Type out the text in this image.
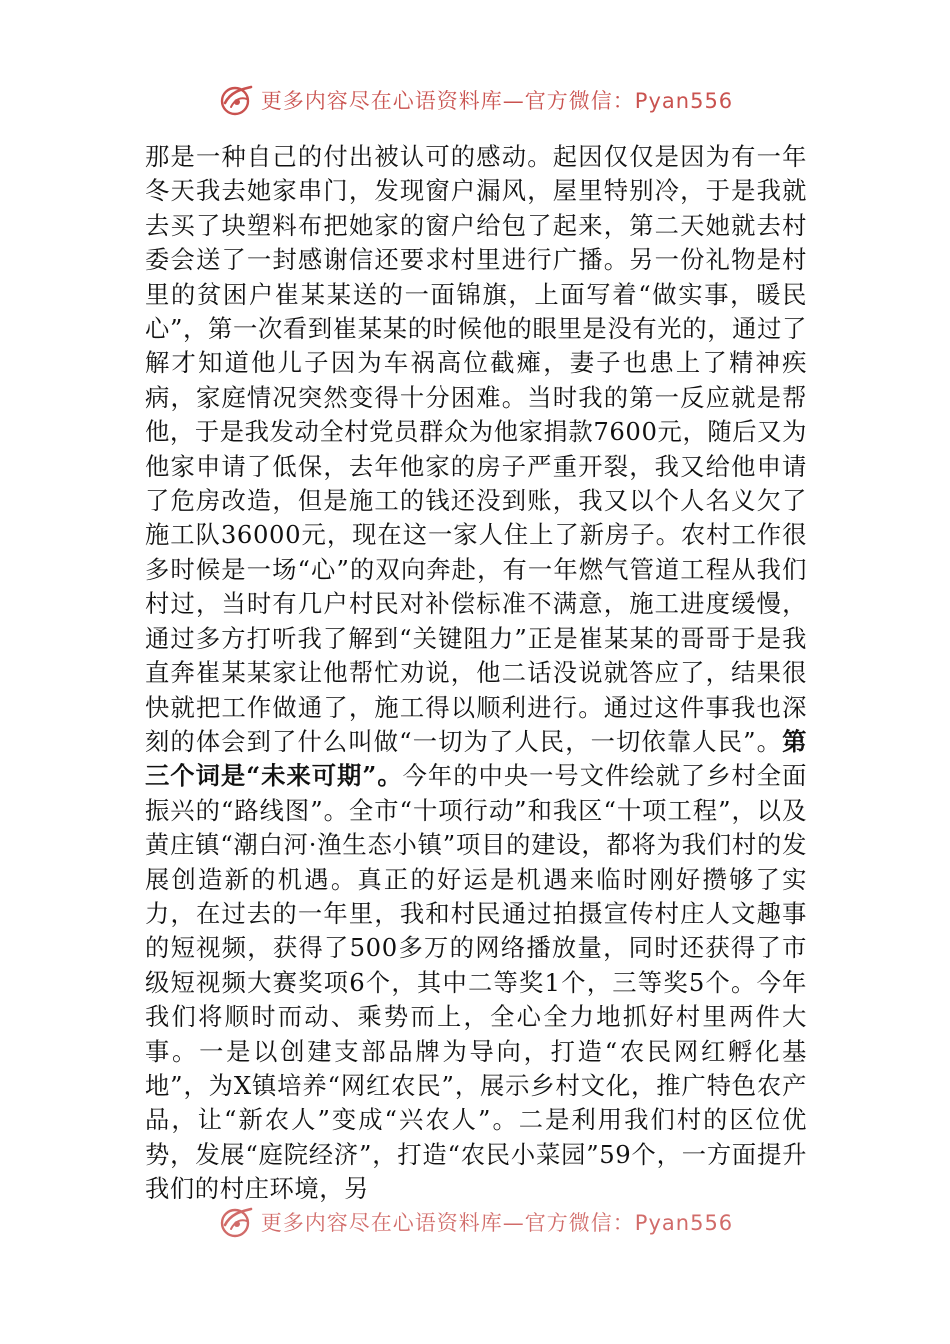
更多内容尽在心语资料库—官方微信：Pyan556

那是一种自己的付出被认可的感动。起因仅仅是因为有一年冬天我去她家串门，发现窗户漏风，屋里特别冷，于是我就去买了块塑料布把她家的窗户给包了起来，第二天她就去村委会送了一封感谢信还要求村里进行广播。另一份礼物是村里的贫困户崔某某送的一面锦旗，上面写着“做实事，暖民心”，第一次看到崔某某的时候他的眼里是没有光的，通过了解才知道他儿子因为车祸高位截瘫，妻子也患上了精神疾病，家庭情况突然变得十分困难。当时我的第一反应就是帮他，于是我发动全村党员群众为他家捐款7600元，随后又为他家申请了低保，去年他家的房子严重开裂，我又给他申请了危房改造，但是施工的钱还没到账，我又以个人名义欠了施工队36000元，现在这一家人住上了新房子。农村工作很多时候是一场“心”的双向奔赴，有一年燃气管道工程从我们村过，当时有几户村民对补偿标准不满意，施工进度缓慢，通过多方打听我了解到“关键阻力”正是崔某某的哥哥于是我直奔崔某某家让他帮忙劝说，他二话没说就答应了，结果很快就把工作做通了，施工得以顺利进行。通过这件事我也深刻的体会到了什么叫做“一切为了人民，一切依靠人民”。第三个词是“未来可期”。今年的中央一号文件绘就了乡村全面振兴的“路线图”。全市“十项行动”和我区“十项工程”，以及黄庄镇“潮白河·渔生态小镇”项目的建设，都将为我们村的发展创造新的机遇。真正的好运是机遇来临时刚好攒够了实力，在过去的一年里，我和村民通过拍摄宣传村庄人文趣事的短视频，获得了500多万的网络播放量，同时还获得了市级短视频大赛奖项6个，其中二等奖1个，三等奖5个。今年我们将顺时而动、乘势而上，全心全力地抓好村里两件大事。一是以创建支部品牌为导向，打造“农民网红孵化基地”，为X镇培养“网红农民”，展示乡村文化，推广特色农产品，让“新农人”变成“兴农人”。二是利用我们村的区位优势，发展“庭院经济”，打造“农民小菜园”59个，一方面提升我们的村庄环境，另

更多内容尽在心语资料库—官方微信：Pyan556
